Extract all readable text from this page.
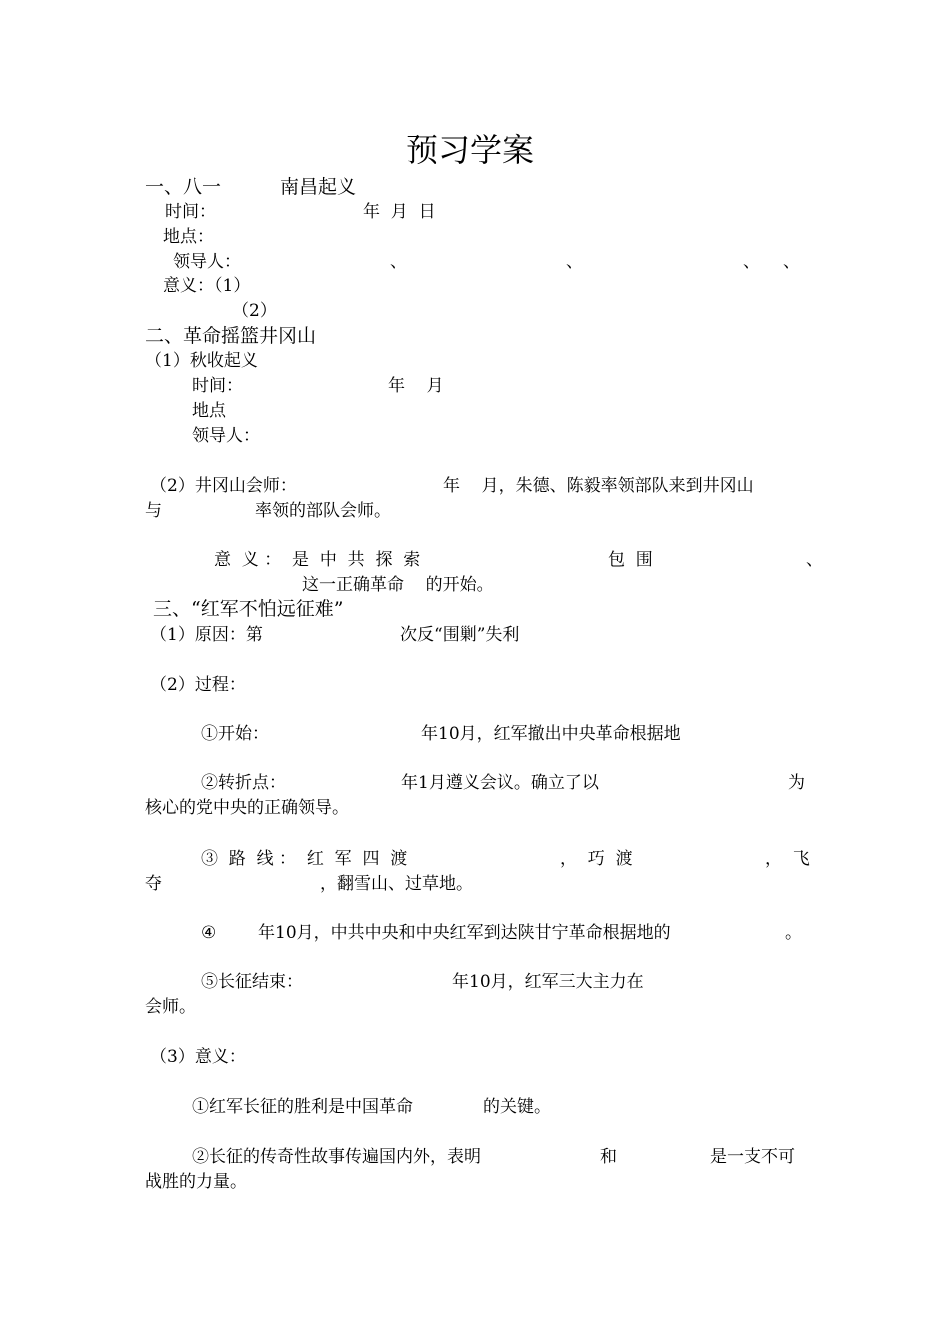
预习学案
一、八一	南昌起义
时间：	年  月  日
地点：
领导人：	、	、	、 、
意义：（1）
（2）
二、革命摇篮井冈山
（1）秋收起义
时间：	年    月
地点
领导人：
（2）井冈山会师：	年    月，朱德、陈毅率领部队来到井冈山
与	率领的部队会师。
意  义 ：  是  中  共  探  索	包  围	、
这一正确革命    的开始。
三、“红军不怕远征难”
（1）原因：第	次反“围剿”失利
（2）过程：
①开始：	年10月，红军撤出中央革命根据地
②转折点：	年1月遵义会议。确立了以	为
核心的党中央的正确领导。
③  路  线 ：  红  军  四  渡	，  巧  渡	，  飞
夺	，翻雪山、过草地。
④ 年10月，中共中央和中央红军到达陕甘宁革命根据地的	。
⑤长征结束：	年10月，红军三大主力在
会师。
（3）意义：
①红军长征的胜利是中国革命	的关键。
②长征的传奇性故事传遍国内外，表明	和	是一支不可
战胜的力量。
